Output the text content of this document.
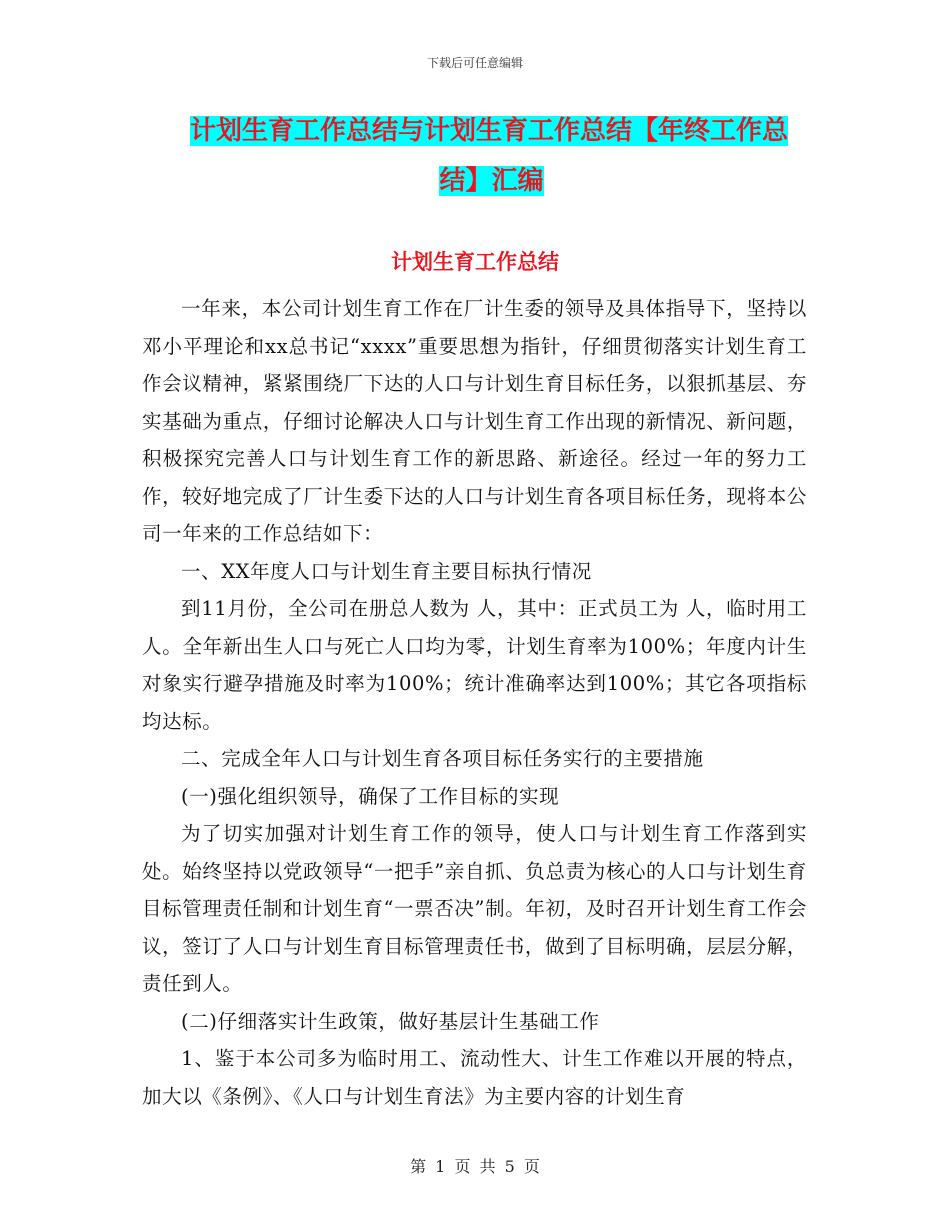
下载后可任意编辑
计划生育工作总结与计划生育工作总结【年终工作总
结】汇编
计划生育工作总结

一年来，本公司计划生育工作在厂计生委的领导及具体指导下，坚持以邓小平理论和xx总书记“xxxx”重要思想为指针，仔细贯彻落实计划生育工作会议精神，紧紧围绕厂下达的人口与计划生育目标任务，以狠抓基层、夯实基础为重点，仔细讨论解决人口与计划生育工作出现的新情况、新问题，积极探究完善人口与计划生育工作的新思路、新途径。经过一年的努力工作，较好地完成了厂计生委下达的人口与计划生育各项目标任务，现将本公司一年来的工作总结如下：

一、XX年度人口与计划生育主要目标执行情况

到11月份，全公司在册总人数为 人，其中：正式员工为 人，临时用工 人。全年新出生人口与死亡人口均为零，计划生育率为100%；年度内计生对象实行避孕措施及时率为100%；统计准确率达到100%；其它各项指标均达标。

二、完成全年人口与计划生育各项目标任务实行的主要措施

(一)强化组织领导，确保了工作目标的实现

为了切实加强对计划生育工作的领导，使人口与计划生育工作落到实处。始终坚持以党政领导“一把手”亲自抓、负总责为核心的人口与计划生育目标管理责任制和计划生育“一票否决”制。年初，及时召开计划生育工作会议，签订了人口与计划生育目标管理责任书，做到了目标明确，层层分解，责任到人。

(二)仔细落实计生政策，做好基层计生基础工作

1、鉴于本公司多为临时用工、流动性大、计生工作难以开展的特点，加大以《条例》、《人口与计划生育法》为主要内容的计划生育

第 1 页 共 5 页
